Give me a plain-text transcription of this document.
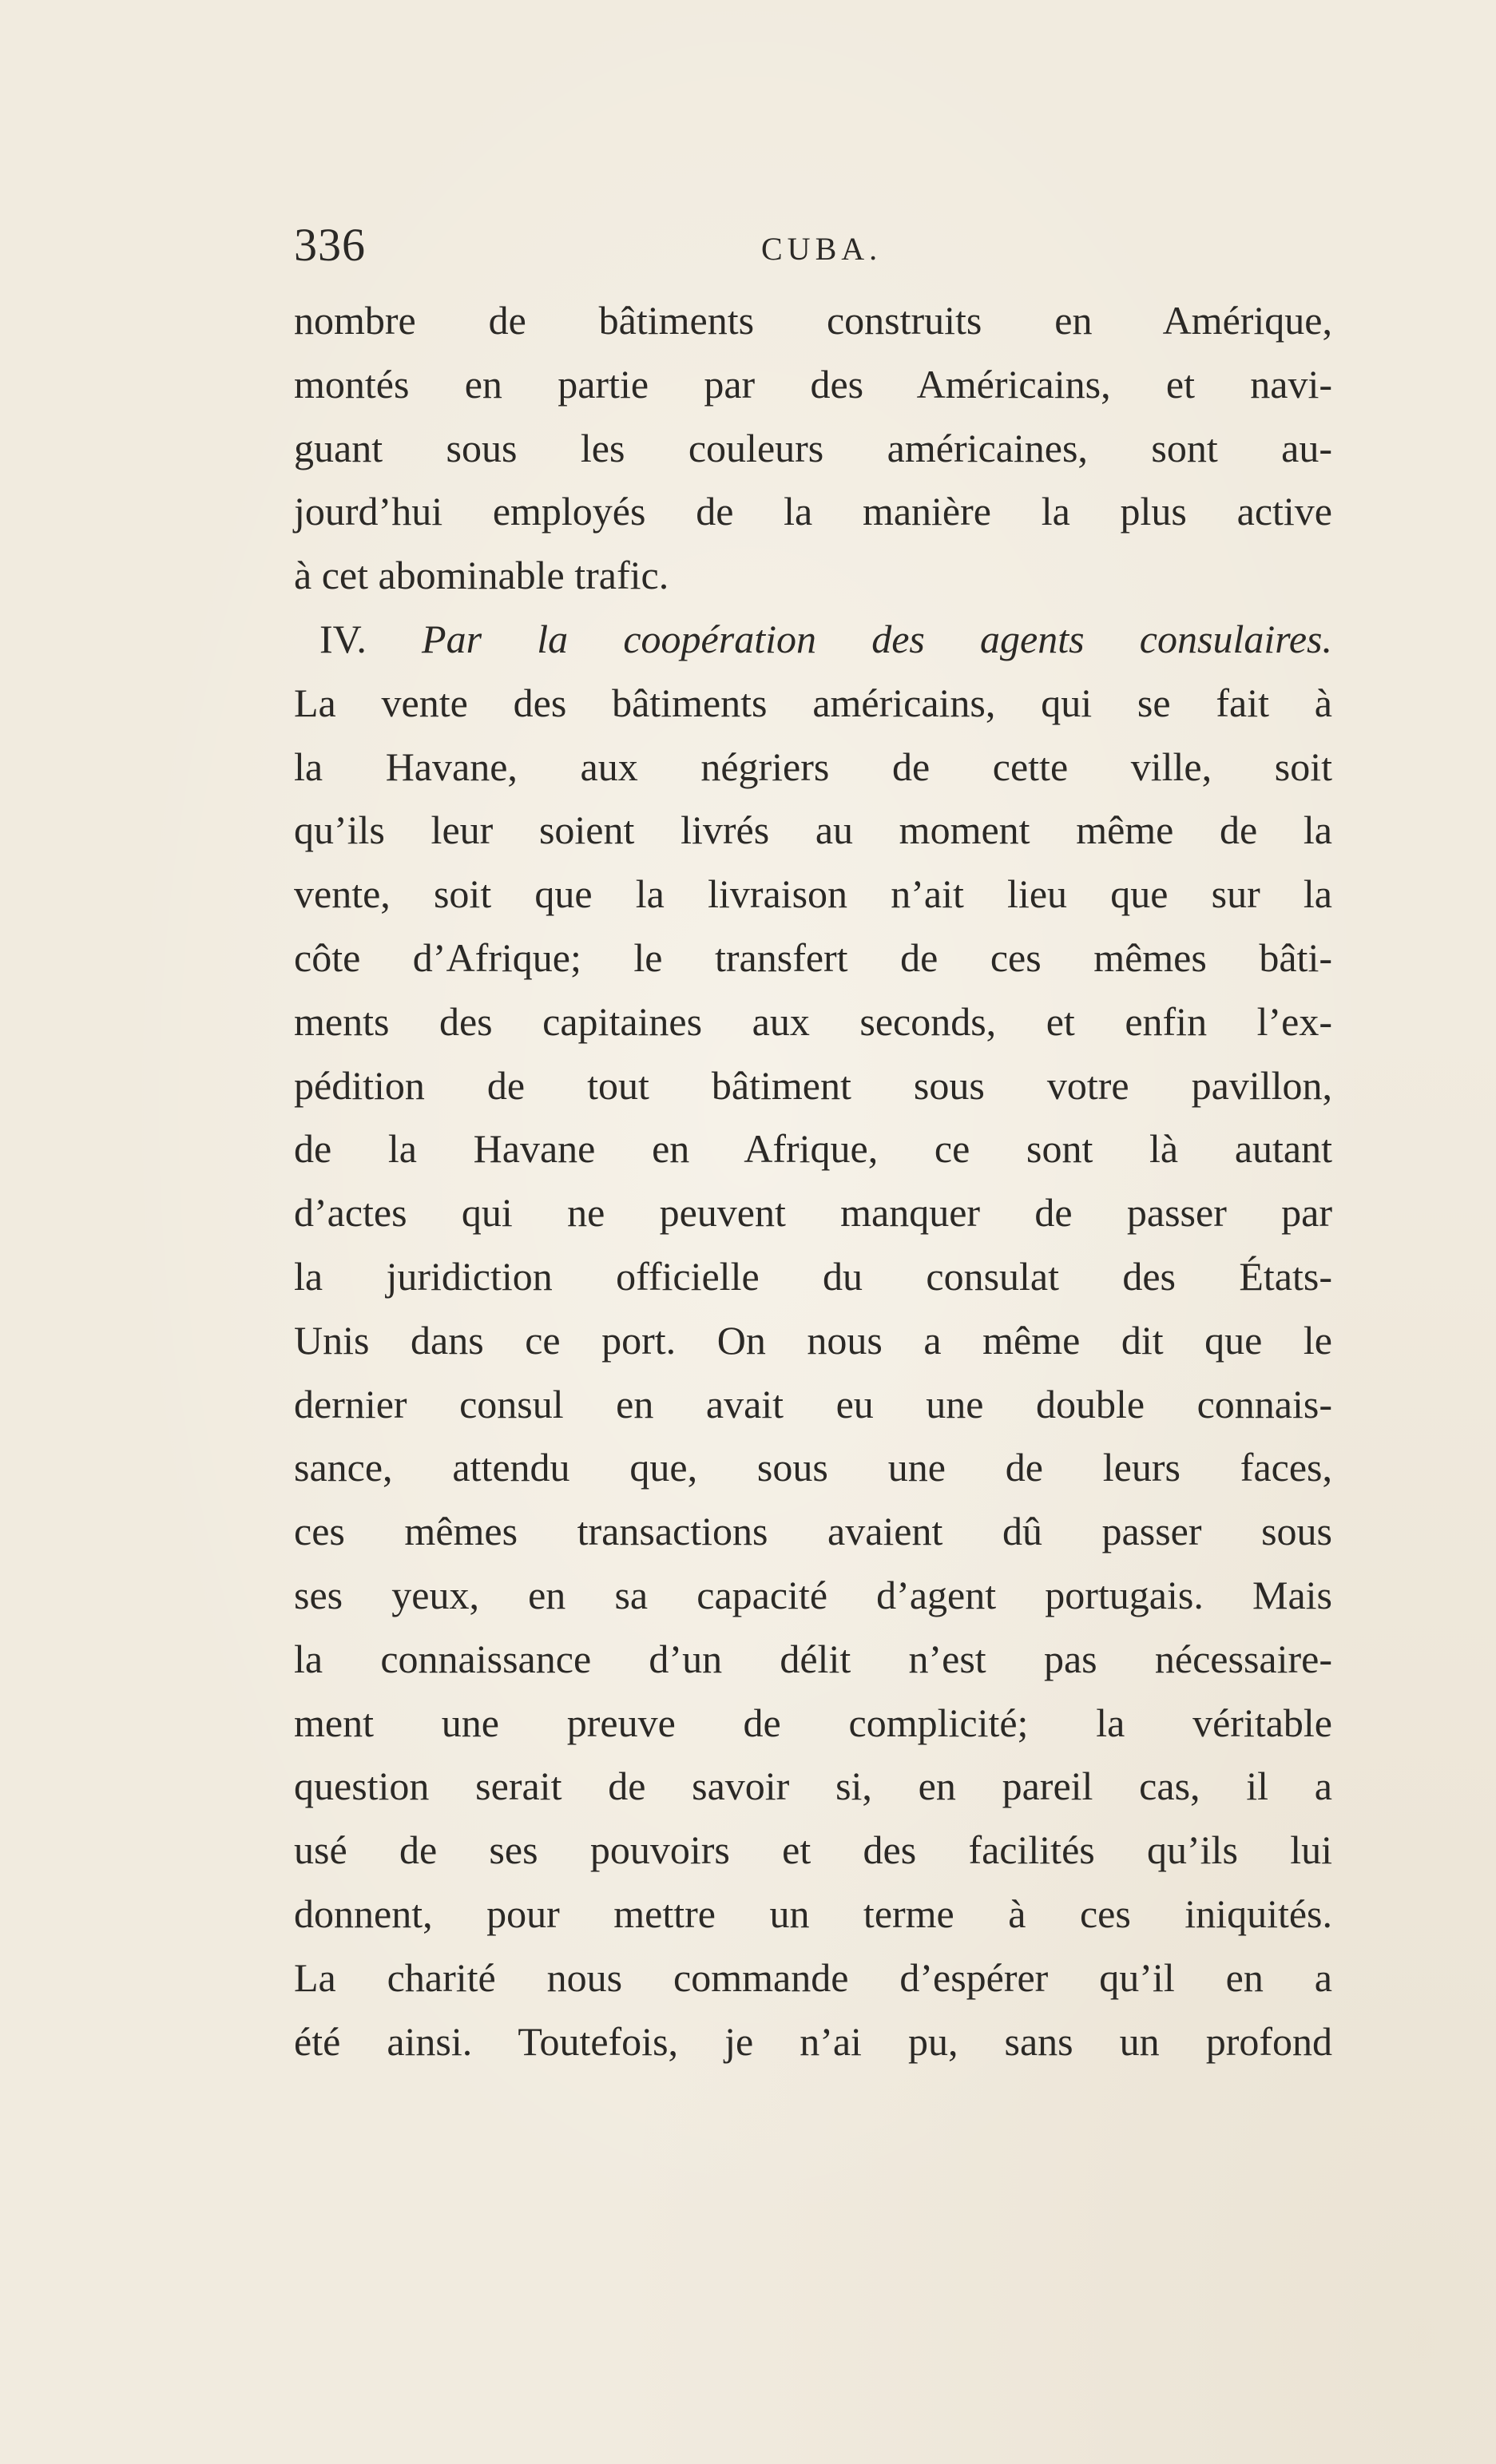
336	CUBA.
nombre de bâtiments construits en Amérique,
montés en partie par des Américains, et navi-
guant sous les couleurs américaines, sont au-
jourd’hui employés de la manière la plus active
à cet abominable trafic.
IV. Par la coopération des agents consulaires.
La vente des bâtiments américains, qui se fait à
la Havane, aux négriers de cette ville, soit
qu’ils leur soient livrés au moment même de la
vente, soit que la livraison n’ait lieu que sur la
côte d’Afrique; le transfert de ces mêmes bâti-
ments des capitaines aux seconds, et enfin l’ex-
pédition de tout bâtiment sous votre pavillon,
de la Havane en Afrique, ce sont là autant
d’actes qui ne peuvent manquer de passer par
la juridiction officielle du consulat des États-
Unis dans ce port. On nous a même dit que le
dernier consul en avait eu une double connais-
sance, attendu que, sous une de leurs faces,
ces mêmes transactions avaient dû passer sous
ses yeux, en sa capacité d’agent portugais. Mais
la connaissance d’un délit n’est pas nécessaire-
ment une preuve de complicité; la véritable
question serait de savoir si, en pareil cas, il a
usé de ses pouvoirs et des facilités qu’ils lui
donnent, pour mettre un terme à ces iniquités.
La charité nous commande d’espérer qu’il en a
été ainsi. Toutefois, je n’ai pu, sans un profond
